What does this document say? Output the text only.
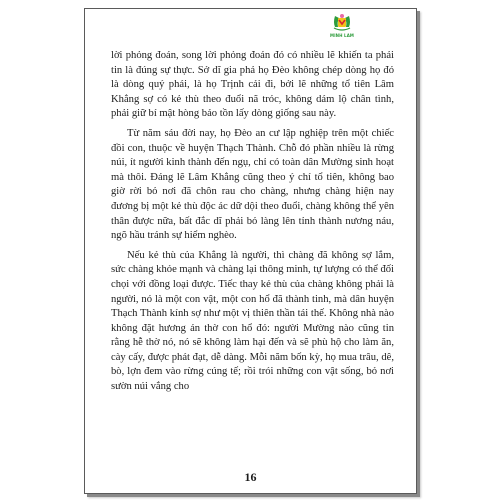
MINH LAM

lời phỏng đoán, song lời phỏng đoán đó có nhiều lẽ khiến ta phải tin là đúng sự thực. Sở dĩ gia phả họ Đèo không chép dòng họ đó là dòng quý phái, là họ Trịnh cải đi, bởi lẽ những tổ tiên Lâm Khẳng sợ có kẻ thù theo đuổi nã tróc, không dám lộ chân tình, phải giữ bí mật hòng bảo tồn lấy dòng giống sau này.

Từ năm sáu đời nay, họ Đèo an cư lập nghiệp trên một chiếc đồi con, thuộc về huyện Thạch Thành. Chỗ đó phần nhiều là rừng núi, ít người kinh thành đến ngụ, chỉ có toàn dân Mường sinh hoạt mà thôi. Đáng lẽ Lâm Khẳng cũng theo ý chí tổ tiên, không bao giờ rời bỏ nơi đã chôn rau cho chàng, nhưng chàng hiện nay đương bị một kẻ thù độc ác dữ dội theo đuổi, chàng không thể yên thân được nữa, bất đắc dĩ phải bỏ làng lên tỉnh thành nương náu, ngõ hầu tránh sự hiểm nghèo.

Nếu kẻ thù của Khẳng là người, thì chàng đã không sợ lắm, sức chàng khỏe mạnh và chàng lại thông minh, tự lượng có thể đối chọi với đồng loại được. Tiếc thay kẻ thù của chàng không phải là người, nó là một con vật, một con hổ đã thành tinh, mà dân huyện Thạch Thành kính sợ như một vị thiên thần tái thế. Không nhà nào không đặt hương án thờ con hổ đó: người Mường nào cũng tin rằng hễ thờ nó, nó sẽ không làm hại đến và sẽ phù hộ cho làm ăn, cày cấy, được phát đạt, dễ dàng. Mỗi năm bốn kỳ, họ mua trâu, dê, bò, lợn đem vào rừng cúng tế; rồi trói những con vật sống, bỏ nơi sườn núi vắng cho

16
